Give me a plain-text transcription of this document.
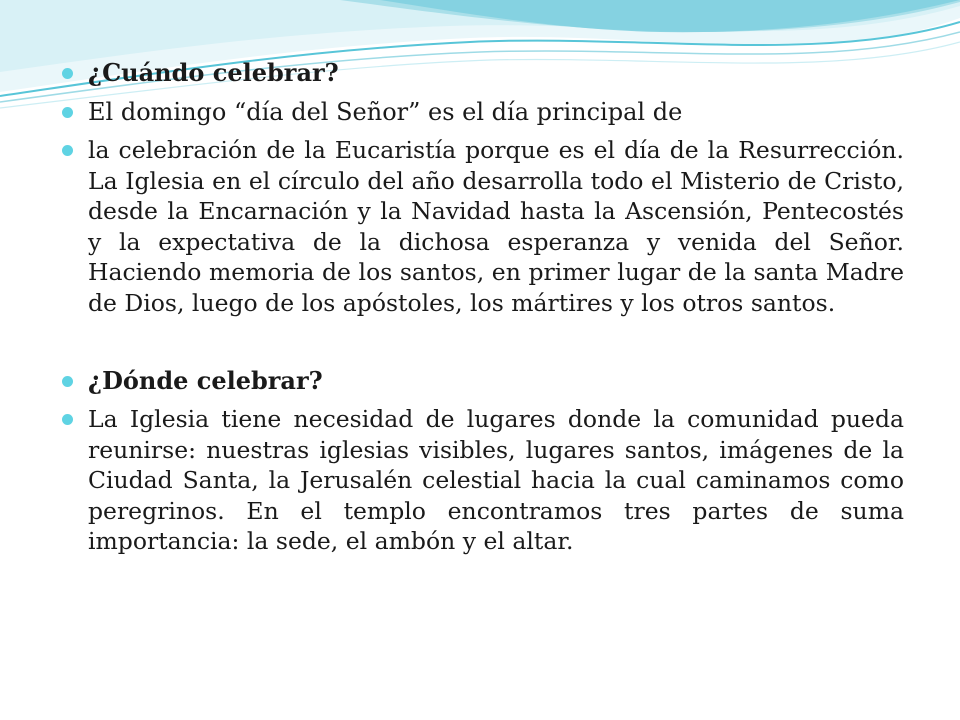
¿Cuándo celebrar?
El domingo “día del Señor” es el día principal de
la celebración de la Eucaristía porque es el día de la Resurrección. La Iglesia en el círculo del año desarrolla todo el Misterio de Cristo, desde la Encarnación y la Navidad hasta la Ascensión, Pentecostés y la expectativa de la dichosa esperanza y venida del Señor. Haciendo memoria de los santos, en primer lugar de la santa Madre de Dios, luego de los apóstoles, los mártires y los otros santos.
¿Dónde celebrar?
La Iglesia tiene necesidad de lugares donde la comunidad pueda reunirse: nuestras iglesias visibles, lugares santos, imágenes de la Ciudad Santa, la Jerusalén celestial hacia la cual caminamos como peregrinos. En el templo encontramos tres partes de suma importancia: la sede, el ambón y el altar.
